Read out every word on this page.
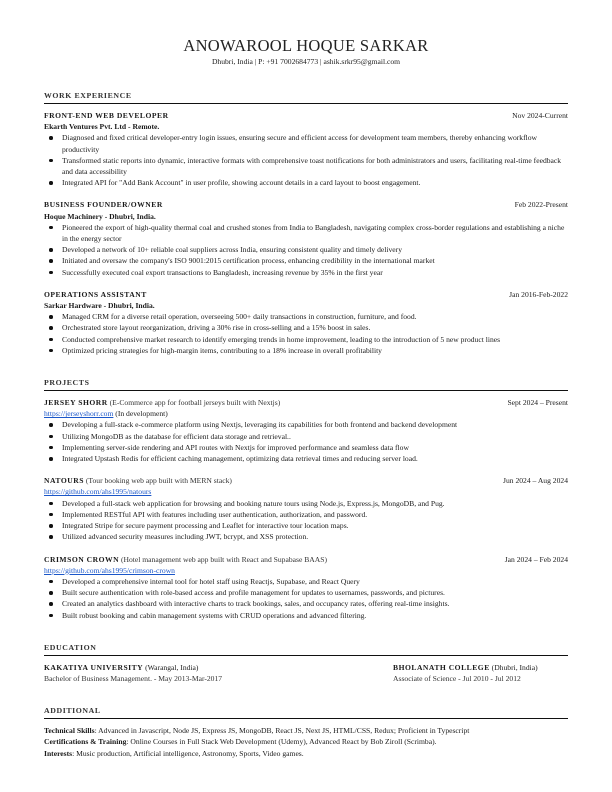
ANOWAROOL HOQUE SARKAR
Dhubri, India | P: +91 7002684773 | ashik.srkr95@gmail.com
WORK EXPERIENCE
FRONT-END WEB DEVELOPER	Nov 2024-Current
Ekarth Ventures Pvt. Ltd - Remote.
Diagnosed and fixed critical developer-entry login issues, ensuring secure and efficient access for development team members, thereby enhancing workflow productivity
Transformed static reports into dynamic, interactive formats with comprehensive toast notifications for both administrators and users, facilitating real-time feedback and data accessibility
Integrated API for "Add Bank Account" in user profile, showing account details in a card layout to boost engagement.
BUSINESS FOUNDER/OWNER	Feb 2022-Present
Hoque Machinery - Dhubri, India.
Pioneered the export of high-quality thermal coal and crushed stones from India to Bangladesh, navigating complex cross-border regulations and establishing a niche in the energy sector
Developed a network of 10+ reliable coal suppliers across India, ensuring consistent quality and timely delivery
Initiated and oversaw the company's ISO 9001:2015 certification process, enhancing credibility in the international market
Successfully executed coal export transactions to Bangladesh, increasing revenue by 35% in the first year
OPERATIONS ASSISTANT	Jan 2016-Feb-2022
Sarkar Hardware - Dhubri, India.
Managed CRM for a diverse retail operation, overseeing 500+ daily transactions in construction, furniture, and food.
Orchestrated store layout reorganization, driving a 30% rise in cross-selling and a 15% boost in sales.
Conducted comprehensive market research to identify emerging trends in home improvement, leading to the introduction of 5 new product lines
Optimized pricing strategies for high-margin items, contributing to a 18% increase in overall profitability
PROJECTS
JERSEY SHORR (E-Commerce app for football jerseys built with Nextjs)	Sept 2024 – Present
https://jerseyshorr.com (In development)
Developing a full-stack e-commerce platform using Nextjs, leveraging its capabilities for both frontend and backend development
Utilizing MongoDB as the database for efficient data storage and retrieval..
Implementing server-side rendering and API routes with Nextjs for improved performance and seamless data flow
Integrated Upstash Redis for efficient caching management, optimizing data retrieval times and reducing server load.
NATOURS (Tour booking web app built with MERN stack)	Jun 2024 – Aug 2024
https://github.com/ahs1995/natours
Developed a full-stack web application for browsing and booking nature tours using Node.js, Express.js, MongoDB, and Pug.
Implemented RESTful API with features including user authentication, authorization, and password.
Integrated Stripe for secure payment processing and Leaflet for interactive tour location maps.
Utilized advanced security measures including JWT, bcrypt, and XSS protection.
CRIMSON CROWN (Hotel management web app built with React and Supabase BAAS)	Jan 2024 – Feb 2024
https://github.com/ahs1995/crimson-crown
Developed a comprehensive internal tool for hotel staff using Reactjs, Supabase, and React Query
Built secure authentication with role-based access and profile management for updates to usernames, passwords, and pictures.
Created an analytics dashboard with interactive charts to track bookings, sales, and occupancy rates, offering real-time insights.
Built robust booking and cabin management systems with CRUD operations and advanced filtering.
EDUCATION
KAKATIYA UNIVERSITY (Warangal, India)
Bachelor of Business Management. - May 2013-Mar-2017
BHOLANATH COLLEGE (Dhubri, India)
Associate of Science - Jul 2010 - Jul 2012
ADDITIONAL
Technical Skills: Advanced in Javascript, Node JS, Express JS, MongoDB, React JS, Next JS, HTML/CSS, Redux; Proficient in Typescript
Certifications & Training: Online Courses in Full Stack Web Development (Udemy), Advanced React by Bob Ziroll (Scrimba).
Interests: Music production, Artificial intelligence, Astronomy, Sports, Video games.
